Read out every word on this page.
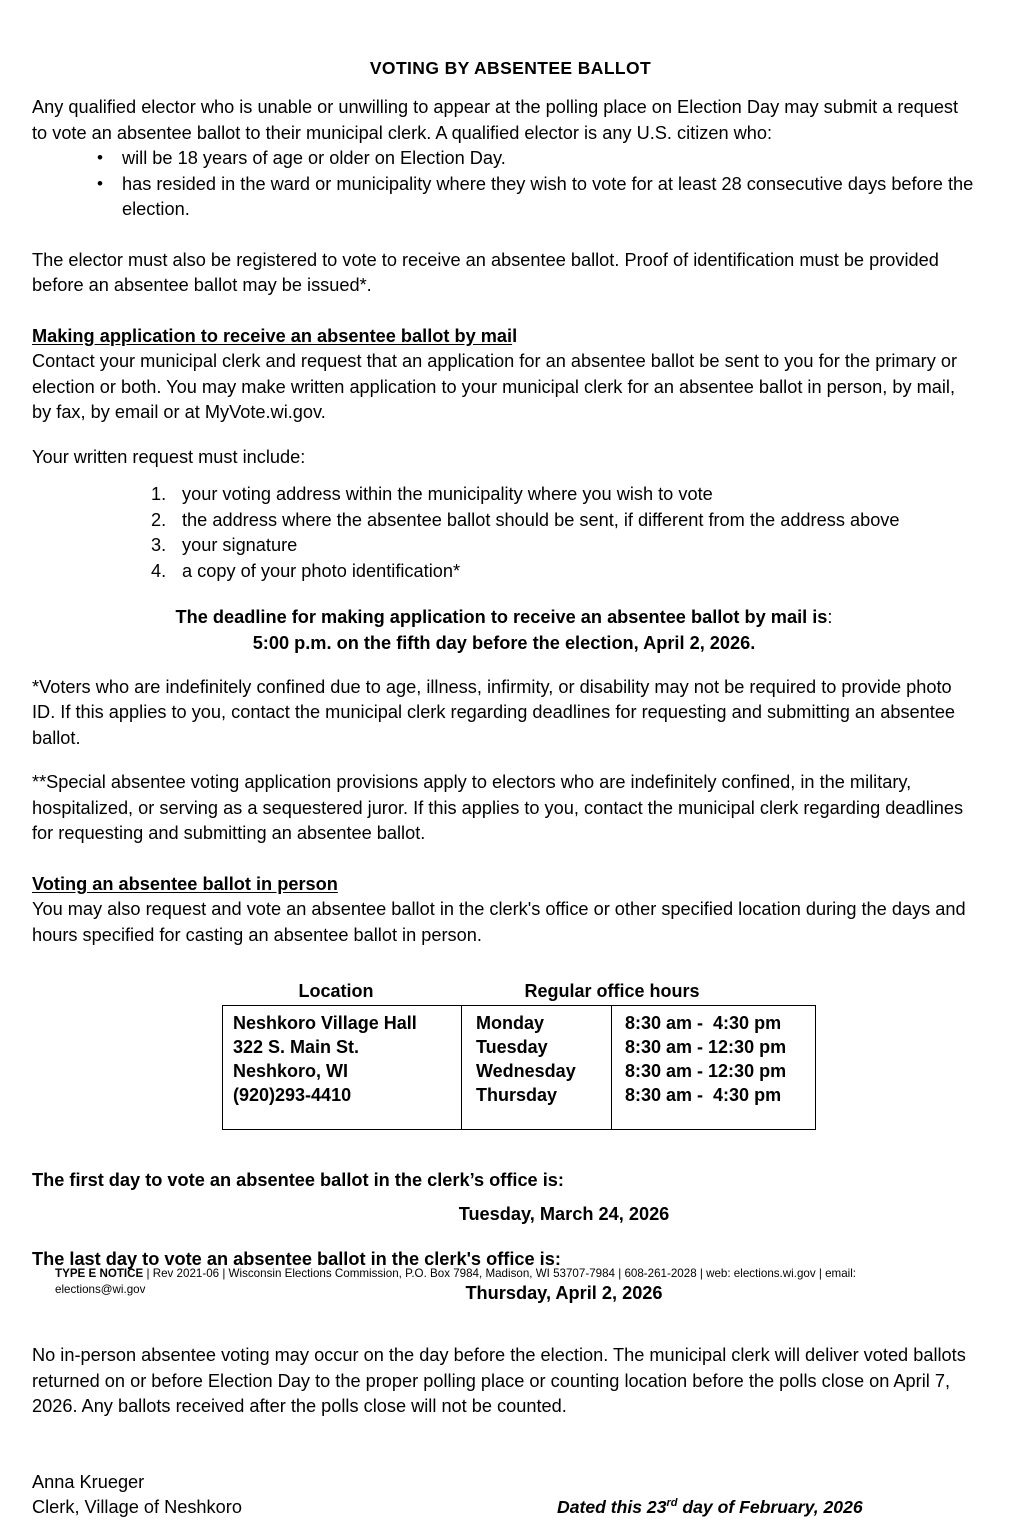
VOTING BY ABSENTEE BALLOT

Any qualified elector who is unable or unwilling to appear at the polling place on Election Day may submit a request to vote an absentee ballot to their municipal clerk. A qualified elector is any U.S. citizen who:

• will be 18 years of age or older on Election Day.
• has resided in the ward or municipality where they wish to vote for at least 28 consecutive days before the election.

The elector must also be registered to vote to receive an absentee ballot. Proof of identification must be provided before an absentee ballot may be issued*.

Making application to receive an absentee ballot by mail

Contact your municipal clerk and request that an application for an absentee ballot be sent to you for the primary or election or both. You may make written application to your municipal clerk for an absentee ballot in person, by mail, by fax, by email or at MyVote.wi.gov.

Your written request must include:

your voting address within the municipality where you wish to vote
the address where the absentee ballot should be sent, if different from the address above
your signature
a copy of your photo identification*
The deadline for making application to receive an absentee ballot by mail is:
5:00 p.m. on the fifth day before the election, April 2, 2026.

*Voters who are indefinitely confined due to age, illness, infirmity, or disability may not be required to provide photo ID. If this applies to you, contact the municipal clerk regarding deadlines for requesting and submitting an absentee ballot.

**Special absentee voting application provisions apply to electors who are indefinitely confined, in the military, hospitalized, or serving as a sequestered juror. If this applies to you, contact the municipal clerk regarding deadlines for requesting and submitting an absentee ballot.

Voting an absentee ballot in person

You may also request and vote an absentee ballot in the clerk's office or other specified location during the days and hours specified for casting an absentee ballot in person.

Location	Regular office hours
Neshkoro Village Hall	Monday	8:30 am -  4:30 pm
322 S. Main St.	Tuesday	8:30 am - 12:30 pm
Neshkoro, WI	Wednesday	8:30 am - 12:30 pm
(920)293-4410	Thursday	8:30 am -  4:30 pm

The first day to vote an absentee ballot in the clerk’s office is:
Tuesday, March 24, 2026
The last day to vote an absentee ballot in the clerk's office is:
Thursday, April 2, 2026

No in-person absentee voting may occur on the day before the election. The municipal clerk will deliver voted ballots returned on or before Election Day to the proper polling place or counting location before the polls close on April 7, 2026. Any ballots received after the polls close will not be counted.

Anna Krueger
Clerk, Village of Neshkoro	Dated this 23rd day of February, 2026
TYPE E NOTICE | Rev 2021-06 | Wisconsin Elections Commission, P.O. Box 7984, Madison, WI 53707-7984 | 608-261-2028 | web: elections.wi.gov | email: elections@wi.gov
